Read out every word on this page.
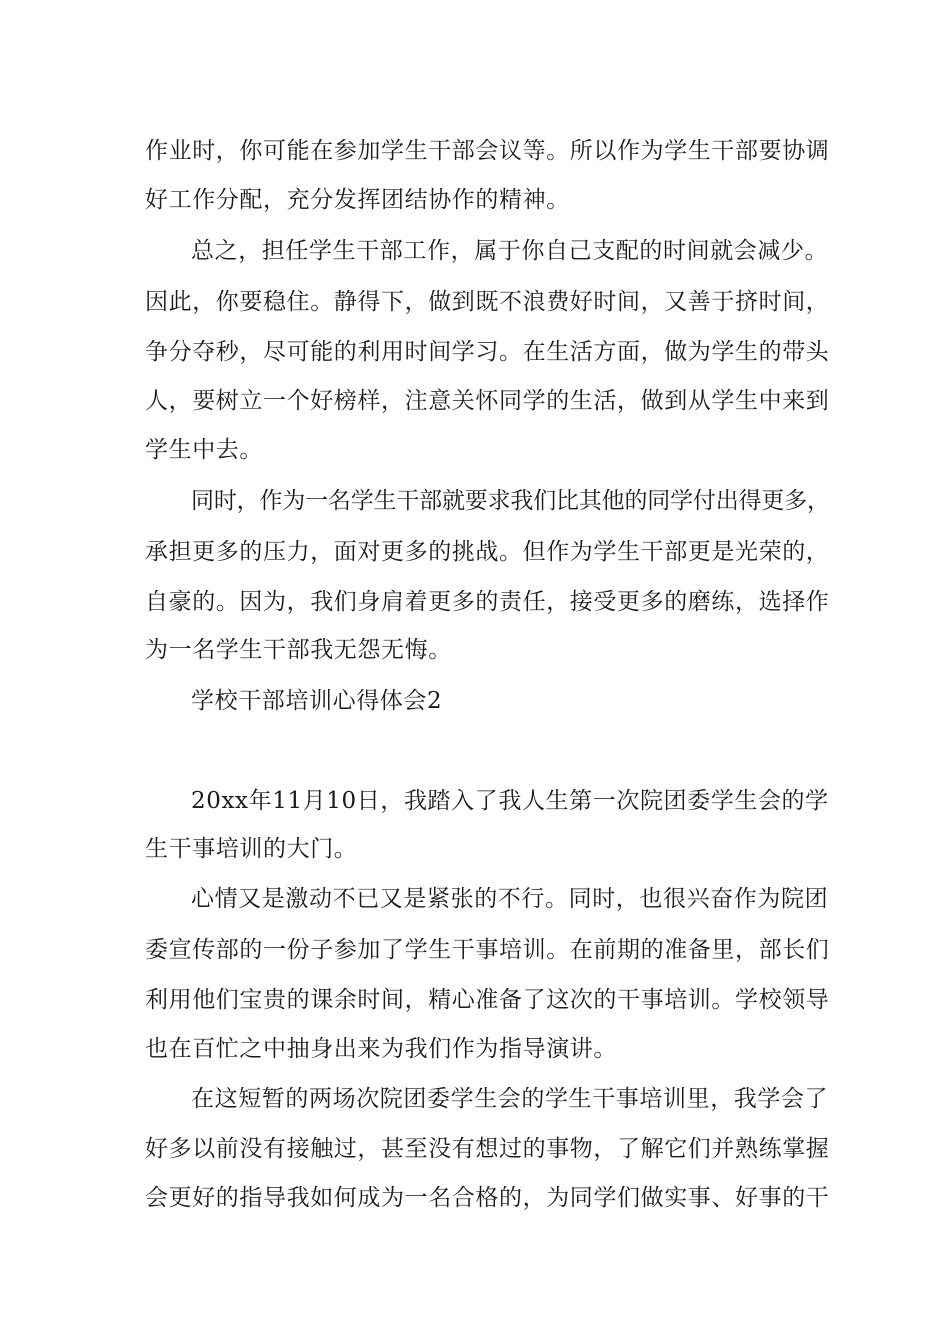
作业时，你可能在参加学生干部会议等。所以作为学生干部要协调
好工作分配，充分发挥团结协作的精神。
总之，担任学生干部工作，属于你自己支配的时间就会减少。
因此，你要稳住。静得下，做到既不浪费好时间，又善于挤时间，
争分夺秒，尽可能的利用时间学习。在生活方面，做为学生的带头
人，要树立一个好榜样，注意关怀同学的生活，做到从学生中来到
学生中去。
同时，作为一名学生干部就要求我们比其他的同学付出得更多，
承担更多的压力，面对更多的挑战。但作为学生干部更是光荣的，
自豪的。因为，我们身肩着更多的责任，接受更多的磨练，选择作
为一名学生干部我无怨无悔。
学校干部培训心得体会2
20xx年11月10日，我踏入了我人生第一次院团委学生会的学
生干事培训的大门。
心情又是激动不已又是紧张的不行。同时，也很兴奋作为院团
委宣传部的一份子参加了学生干事培训。在前期的准备里，部长们
利用他们宝贵的课余时间，精心准备了这次的干事培训。学校领导
也在百忙之中抽身出来为我们作为指导演讲。
在这短暂的两场次院团委学生会的学生干事培训里，我学会了
好多以前没有接触过，甚至没有想过的事物，了解它们并熟练掌握
会更好的指导我如何成为一名合格的，为同学们做实事、好事的干
